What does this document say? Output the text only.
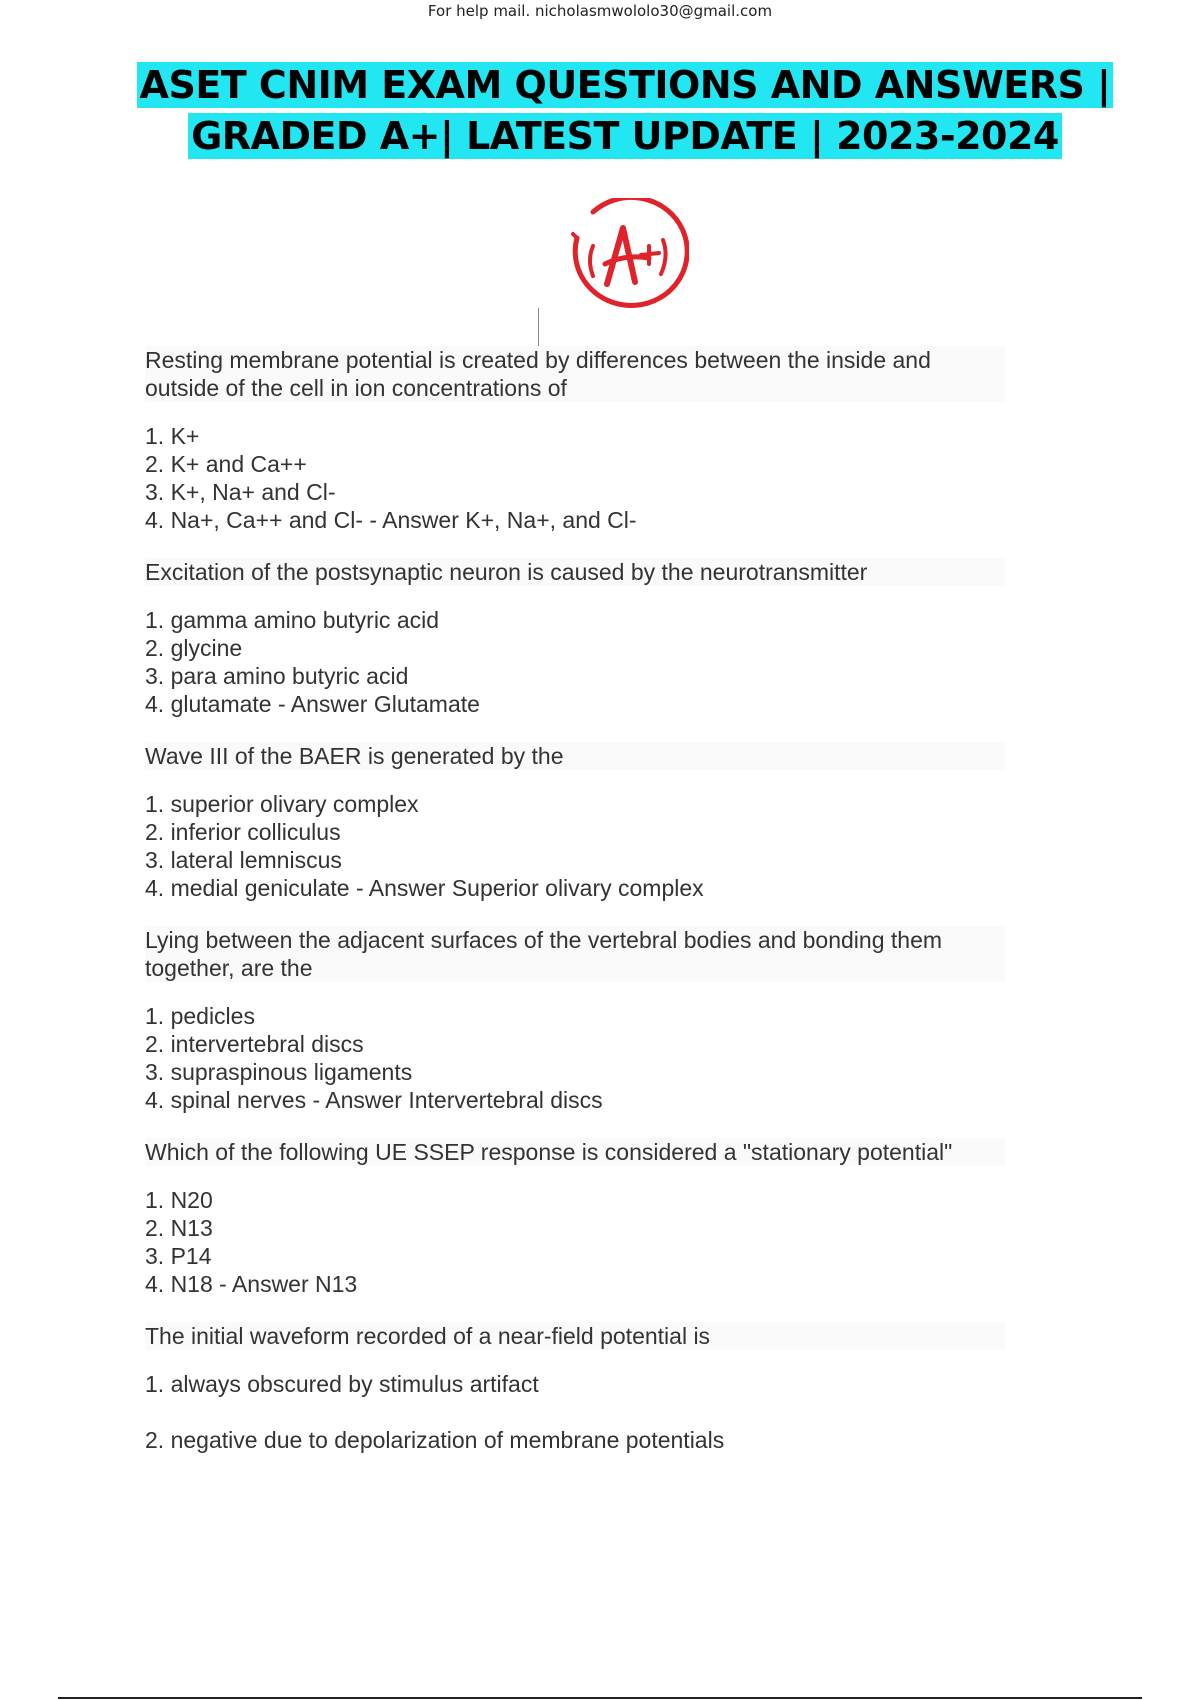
For help mail. nicholasmwololo30@gmail.com
ASET CNIM EXAM QUESTIONS AND ANSWERS |
GRADED A+| LATEST UPDATE | 2023-2024

Resting membrane potential is created by differences between the inside and outside of the cell in ion concentrations of

1. K+
2. K+ and Ca++
3. K+, Na+ and Cl-
4. Na+, Ca++ and Cl- - Answer K+, Na+, and Cl-

Excitation of the postsynaptic neuron is caused by the neurotransmitter

1. gamma amino butyric acid
2. glycine
3. para amino butyric acid
4. glutamate - Answer Glutamate

Wave III of the BAER is generated by the

1. superior olivary complex
2. inferior colliculus
3. lateral lemniscus
4. medial geniculate - Answer Superior olivary complex

Lying between the adjacent surfaces of the vertebral bodies and bonding them together, are the

1. pedicles
2. intervertebral discs
3. supraspinous ligaments
4. spinal nerves - Answer Intervertebral discs

Which of the following UE SSEP response is considered a "stationary potential"

1. N20
2. N13
3. P14
4. N18 - Answer N13

The initial waveform recorded of a near-field potential is

1. always obscured by stimulus artifact
2. negative due to depolarization of membrane potentials
